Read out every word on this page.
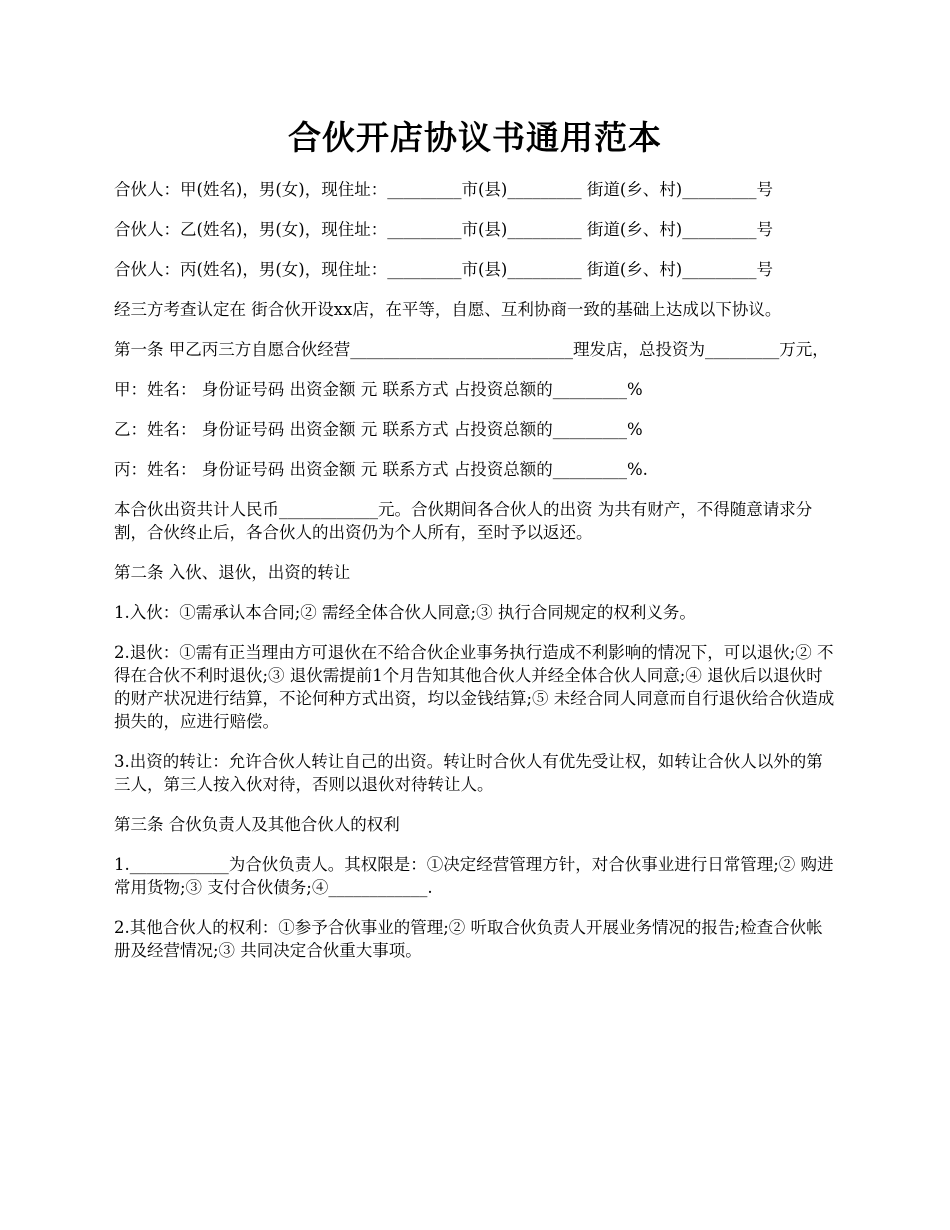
合伙开店协议书通用范本

合伙人：甲(姓名)，男(女)，现住址：_________市(县)_________ 街道(乡、村)_________号

合伙人：乙(姓名)，男(女)，现住址：_________市(县)_________ 街道(乡、村)_________号

合伙人：丙(姓名)，男(女)，现住址：_________市(县)_________ 街道(乡、村)_________号

经三方考查认定在 街合伙开设xx店，在平等，自愿、互利协商一致的基础上达成以下协议。

第一条 甲乙丙三方自愿合伙经营___________________________理发店，总投资为_________万元，

甲：姓名： 身份证号码 出资金额 元 联系方式 占投资总额的_________%

乙：姓名： 身份证号码 出资金额 元 联系方式 占投资总额的_________%

丙：姓名： 身份证号码 出资金额 元 联系方式 占投资总额的_________%.

本合伙出资共计人民币____________元。合伙期间各合伙人的出资 为共有财产，不得随意请求分割，合伙终止后，各合伙人的出资仍为个人所有，至时予以返还。

第二条 入伙、退伙，出资的转让

1.入伙：①需承认本合同;② 需经全体合伙人同意;③ 执行合同规定的权利义务。

2.退伙：①需有正当理由方可退伙在不给合伙企业事务执行造成不利影响的情况下，可以退伙;② 不得在合伙不利时退伙;③ 退伙需提前1个月告知其他合伙人并经全体合伙人同意;④ 退伙后以退伙时的财产状况进行结算，不论何种方式出资，均以金钱结算;⑤ 未经合同人同意而自行退伙给合伙造成损失的，应进行赔偿。

3.出资的转让：允许合伙人转让自己的出资。转让时合伙人有优先受让权，如转让合伙人以外的第三人，第三人按入伙对待，否则以退伙对待转让人。

第三条 合伙负责人及其他合伙人的权利

1.____________为合伙负责人。其权限是：①决定经营管理方针，对合伙事业进行日常管理;② 购进常用货物;③ 支付合伙债务;④____________.

2.其他合伙人的权利：①参予合伙事业的管理;② 听取合伙负责人开展业务情况的报告;检查合伙帐册及经营情况;③ 共同决定合伙重大事项。
